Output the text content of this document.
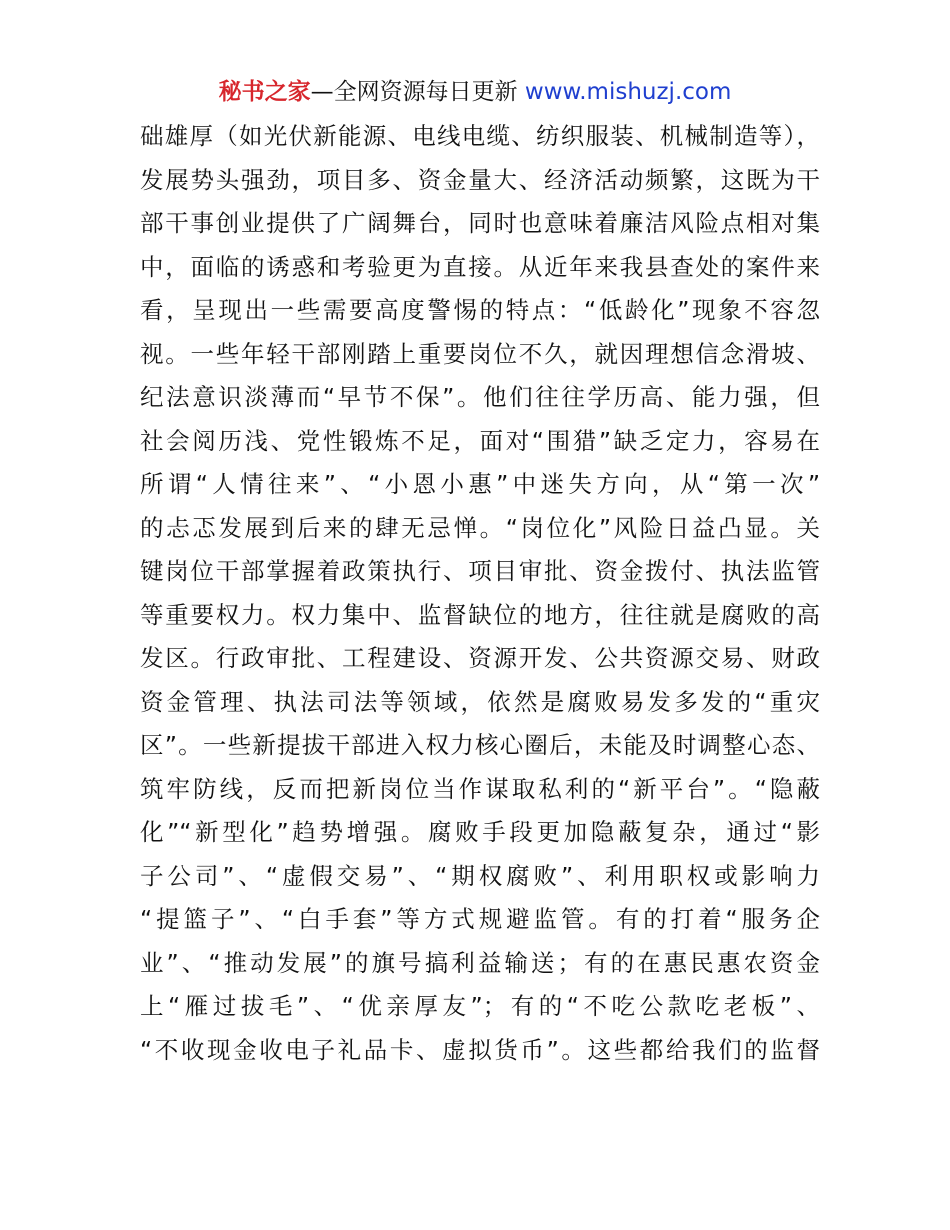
秘书之家—全网资源每日更新 www.mishuzj.com
础雄厚（如光伏新能源、电线电缆、纺织服装、机械制造等），
发展势头强劲，项目多、资金量大、经济活动频繁，这既为干
部干事创业提供了广阔舞台，同时也意味着廉洁风险点相对集
中，面临的诱惑和考验更为直接。从近年来我县查处的案件来
看，呈现出一些需要高度警惕的特点：“低龄化”现象不容忽
视。一些年轻干部刚踏上重要岗位不久，就因理想信念滑坡、
纪法意识淡薄而“早节不保”。他们往往学历高、能力强，但
社会阅历浅、党性锻炼不足，面对“围猎”缺乏定力，容易在
所谓“人情往来”、“小恩小惠”中迷失方向，从“第一次”
的忐忑发展到后来的肆无忌惮。“岗位化”风险日益凸显。关
键岗位干部掌握着政策执行、项目审批、资金拨付、执法监管
等重要权力。权力集中、监督缺位的地方，往往就是腐败的高
发区。行政审批、工程建设、资源开发、公共资源交易、财政
资金管理、执法司法等领域，依然是腐败易发多发的“重灾
区”。一些新提拔干部进入权力核心圈后，未能及时调整心态、
筑牢防线，反而把新岗位当作谋取私利的“新平台”。“隐蔽
化”“新型化”趋势增强。腐败手段更加隐蔽复杂，通过“影
子公司”、“虚假交易”、“期权腐败”、利用职权或影响力
“提篮子”、“白手套”等方式规避监管。有的打着“服务企
业”、“推动发展”的旗号搞利益输送；有的在惠民惠农资金
上“雁过拔毛”、“优亲厚友”；有的“不吃公款吃老板”、
“不收现金收电子礼品卡、虚拟货币”。这些都给我们的监督
